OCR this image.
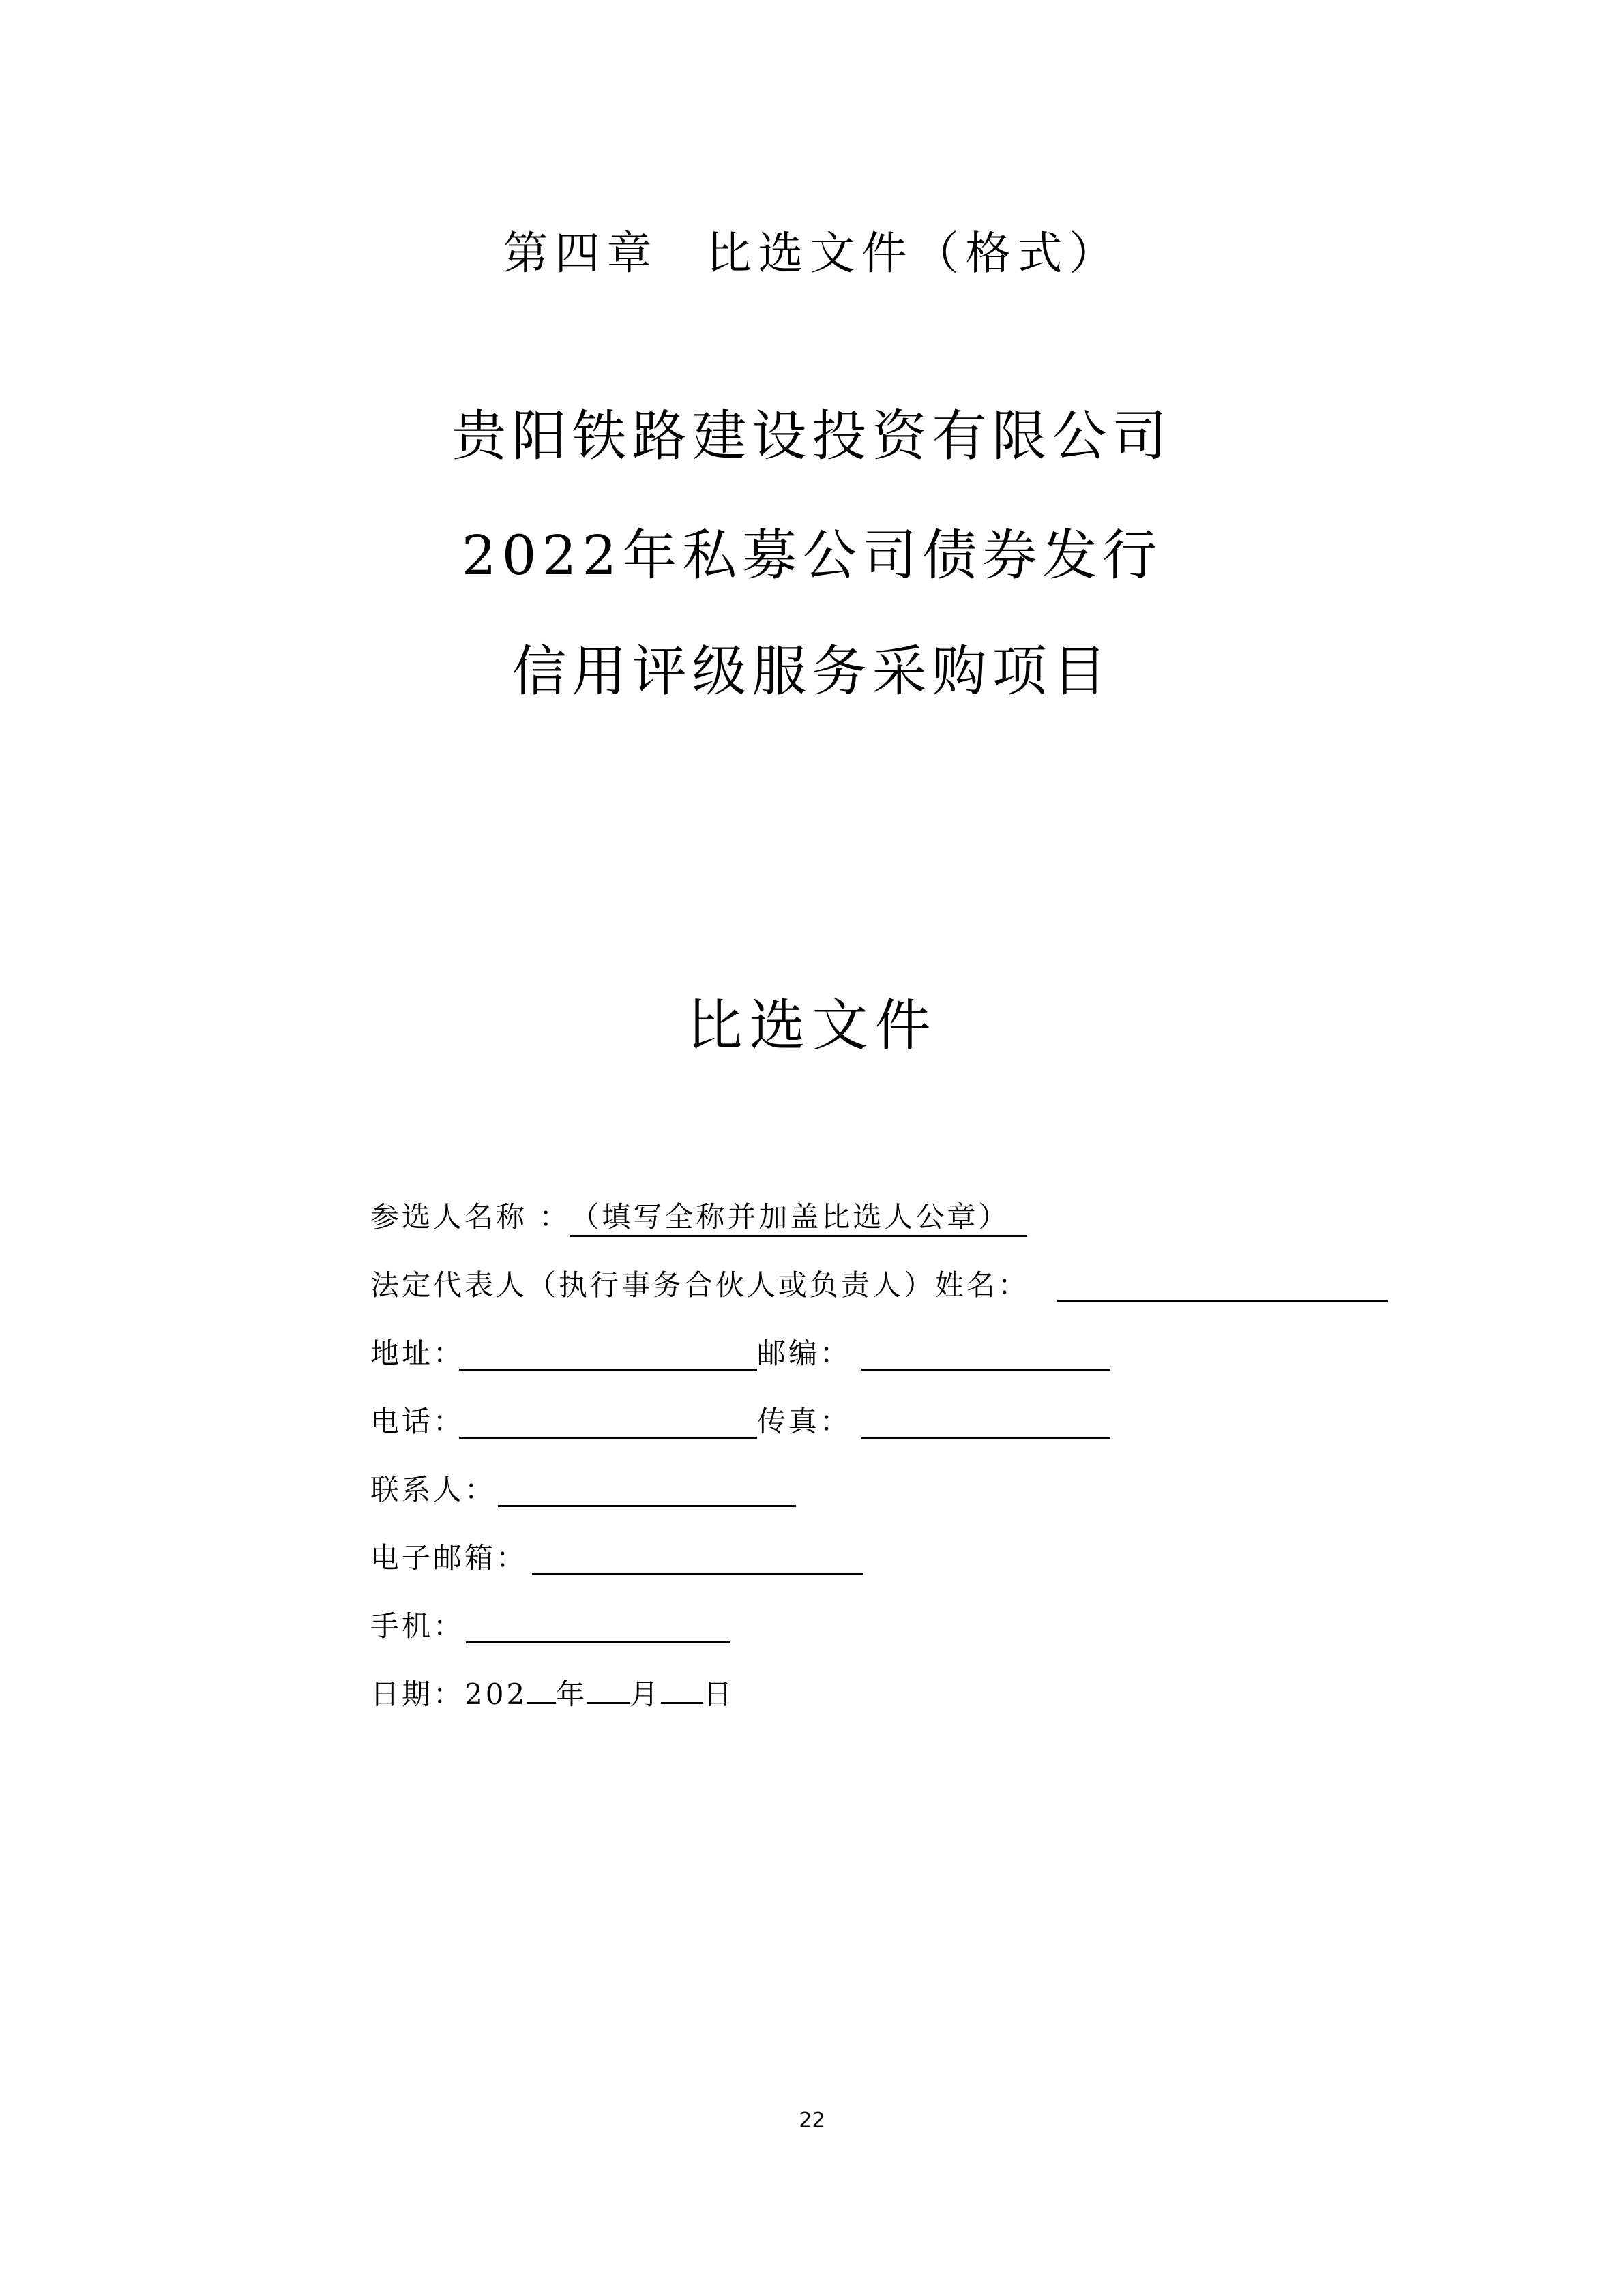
第四章 比选文件（格式）
贵阳铁路建设投资有限公司
2022年私募公司债券发行
信用评级服务采购项目
比选文件
参选人名称 ：（填写全称并加盖比选人公章）
法定代表人（执行事务合伙人或负责人）姓名：
地址：	邮编：
电话：	传真：
联系人：
电子邮箱：
手机：
日期：202 年 月 日
22
